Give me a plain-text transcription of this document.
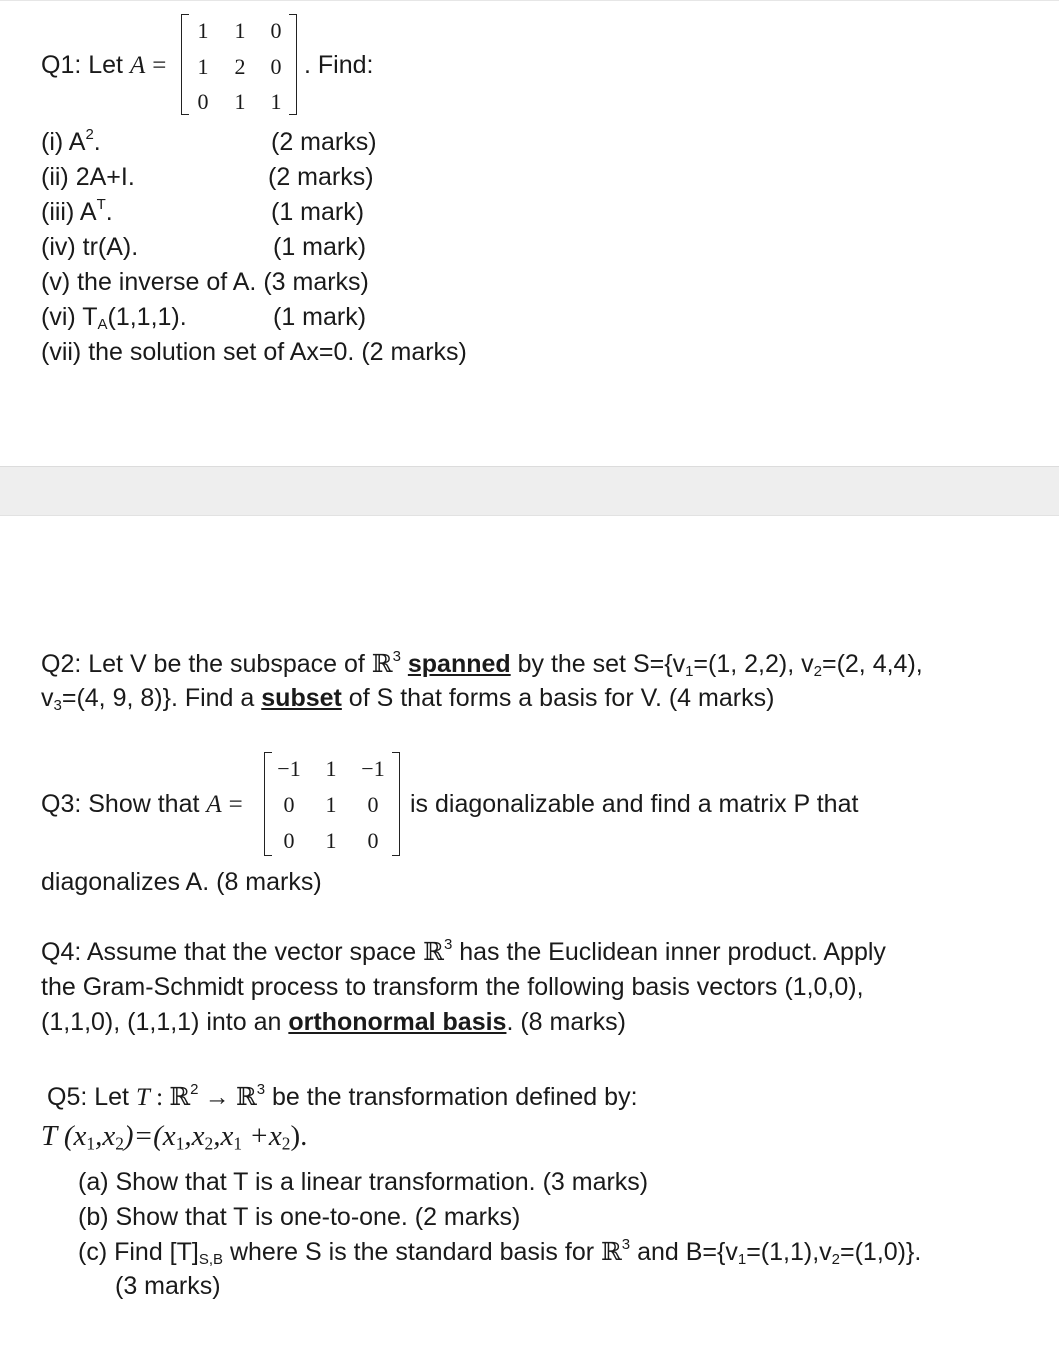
Q1: Let A =
1	1	0
1	2	0
0	1	1
. Find:
(i) $A^2$.	(2 marks)
(ii) 2A+I.	(2 marks)
(iii) $A^T$.	(1 mark)
(iv) tr(A).	(1 mark)
(v) the inverse of A. (3 marks)
(vi) $T_A(1,1,1)$.	(1 mark)
(vii) the solution set of Ax=0. (2 marks)
Q2: Let V be the subspace of ℝ$^3$ spanned by the set $S=\{v_1=(1$, 2,2), $v_2=(2$, 4,4),
$v_3=(4$, 9, 8)}. Find a subset of S that forms a basis for V. (4 marks)
Q3: Show that A =
−1	1	−1
0	1	0
0	1	0
is diagonalizable and find a matrix P that
diagonalizes A. (8 marks)
Q4: Assume that the vector space ℝ$^3$ has the Euclidean inner product. Apply
the Gram-Schmidt process to transform the following basis vectors (1,0,0),
(1,1,0), (1,1,1) into an orthonormal basis. (8 marks)
Q5: Let T : ℝ$^2$ → ℝ$^3$ be the transformation defined by:
T $(x_1,x_2)=(x_1,x_2,x_1 +x_2)$.
(a) Show that T is a linear transformation. (3 marks)
(b) Show that T is one-to-one. (2 marks)
(c) Find $[T]_{S,B}$ where S is the standard basis for ℝ$^3$ and $B=\{v_1=(1,1),v_2=(1,0)\}$.
(3 marks)
